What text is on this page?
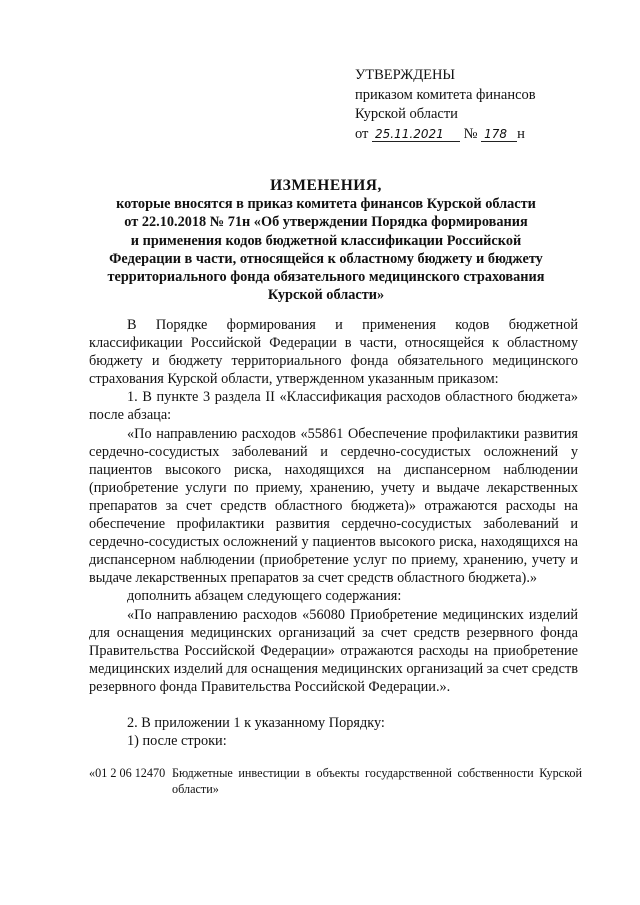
УТВЕРЖДЕНЫ
приказом комитета финансов
Курской области
от 25.11.2021 № 178 н
ИЗМЕНЕНИЯ,
которые вносятся в приказ комитета финансов Курской области
от 22.10.2018 № 71н «Об утверждении Порядка формирования
и применения кодов бюджетной классификации Российской
Федерации в части, относящейся к областному бюджету и бюджету
территориального фонда обязательного медицинского страхования
Курской области»

В Порядке формирования и применения кодов бюджетной классификации Российской Федерации в части, относящейся к областному бюджету и бюджету территориального фонда обязательного медицинского страхования Курской области, утвержденном указанным приказом:

1. В пункте 3 раздела II «Классификация расходов областного бюджета» после абзаца:

«По направлению расходов «55861 Обеспечение профилактики развития сердечно-сосудистых заболеваний и сердечно-сосудистых осложнений у пациентов высокого риска, находящихся на диспансерном наблюдении (приобретение услуги по приему, хранению, учету и выдаче лекарственных препаратов за счет средств областного бюджета)» отражаются расходы на обеспечение профилактики развития сердечно-сосудистых заболеваний и сердечно-сосудистых осложнений у пациентов высокого риска, находящихся на диспансерном наблюдении (приобретение услуг по приему, хранению, учету и выдаче лекарственных препаратов за счет средств областного бюджета).»

дополнить абзацем следующего содержания:

«По направлению расходов «56080 Приобретение медицинских изделий для оснащения медицинских организаций за счет средств резервного фонда Правительства Российской Федерации» отражаются расходы на приобретение медицинских изделий для оснащения медицинских организаций за счет средств резервного фонда Правительства Российской Федерации.».

2. В приложении 1 к указанному Порядку:

1) после строки:

«01 2 06 12470 Бюджетные инвестиции в объекты государственной собственности Курской области»
